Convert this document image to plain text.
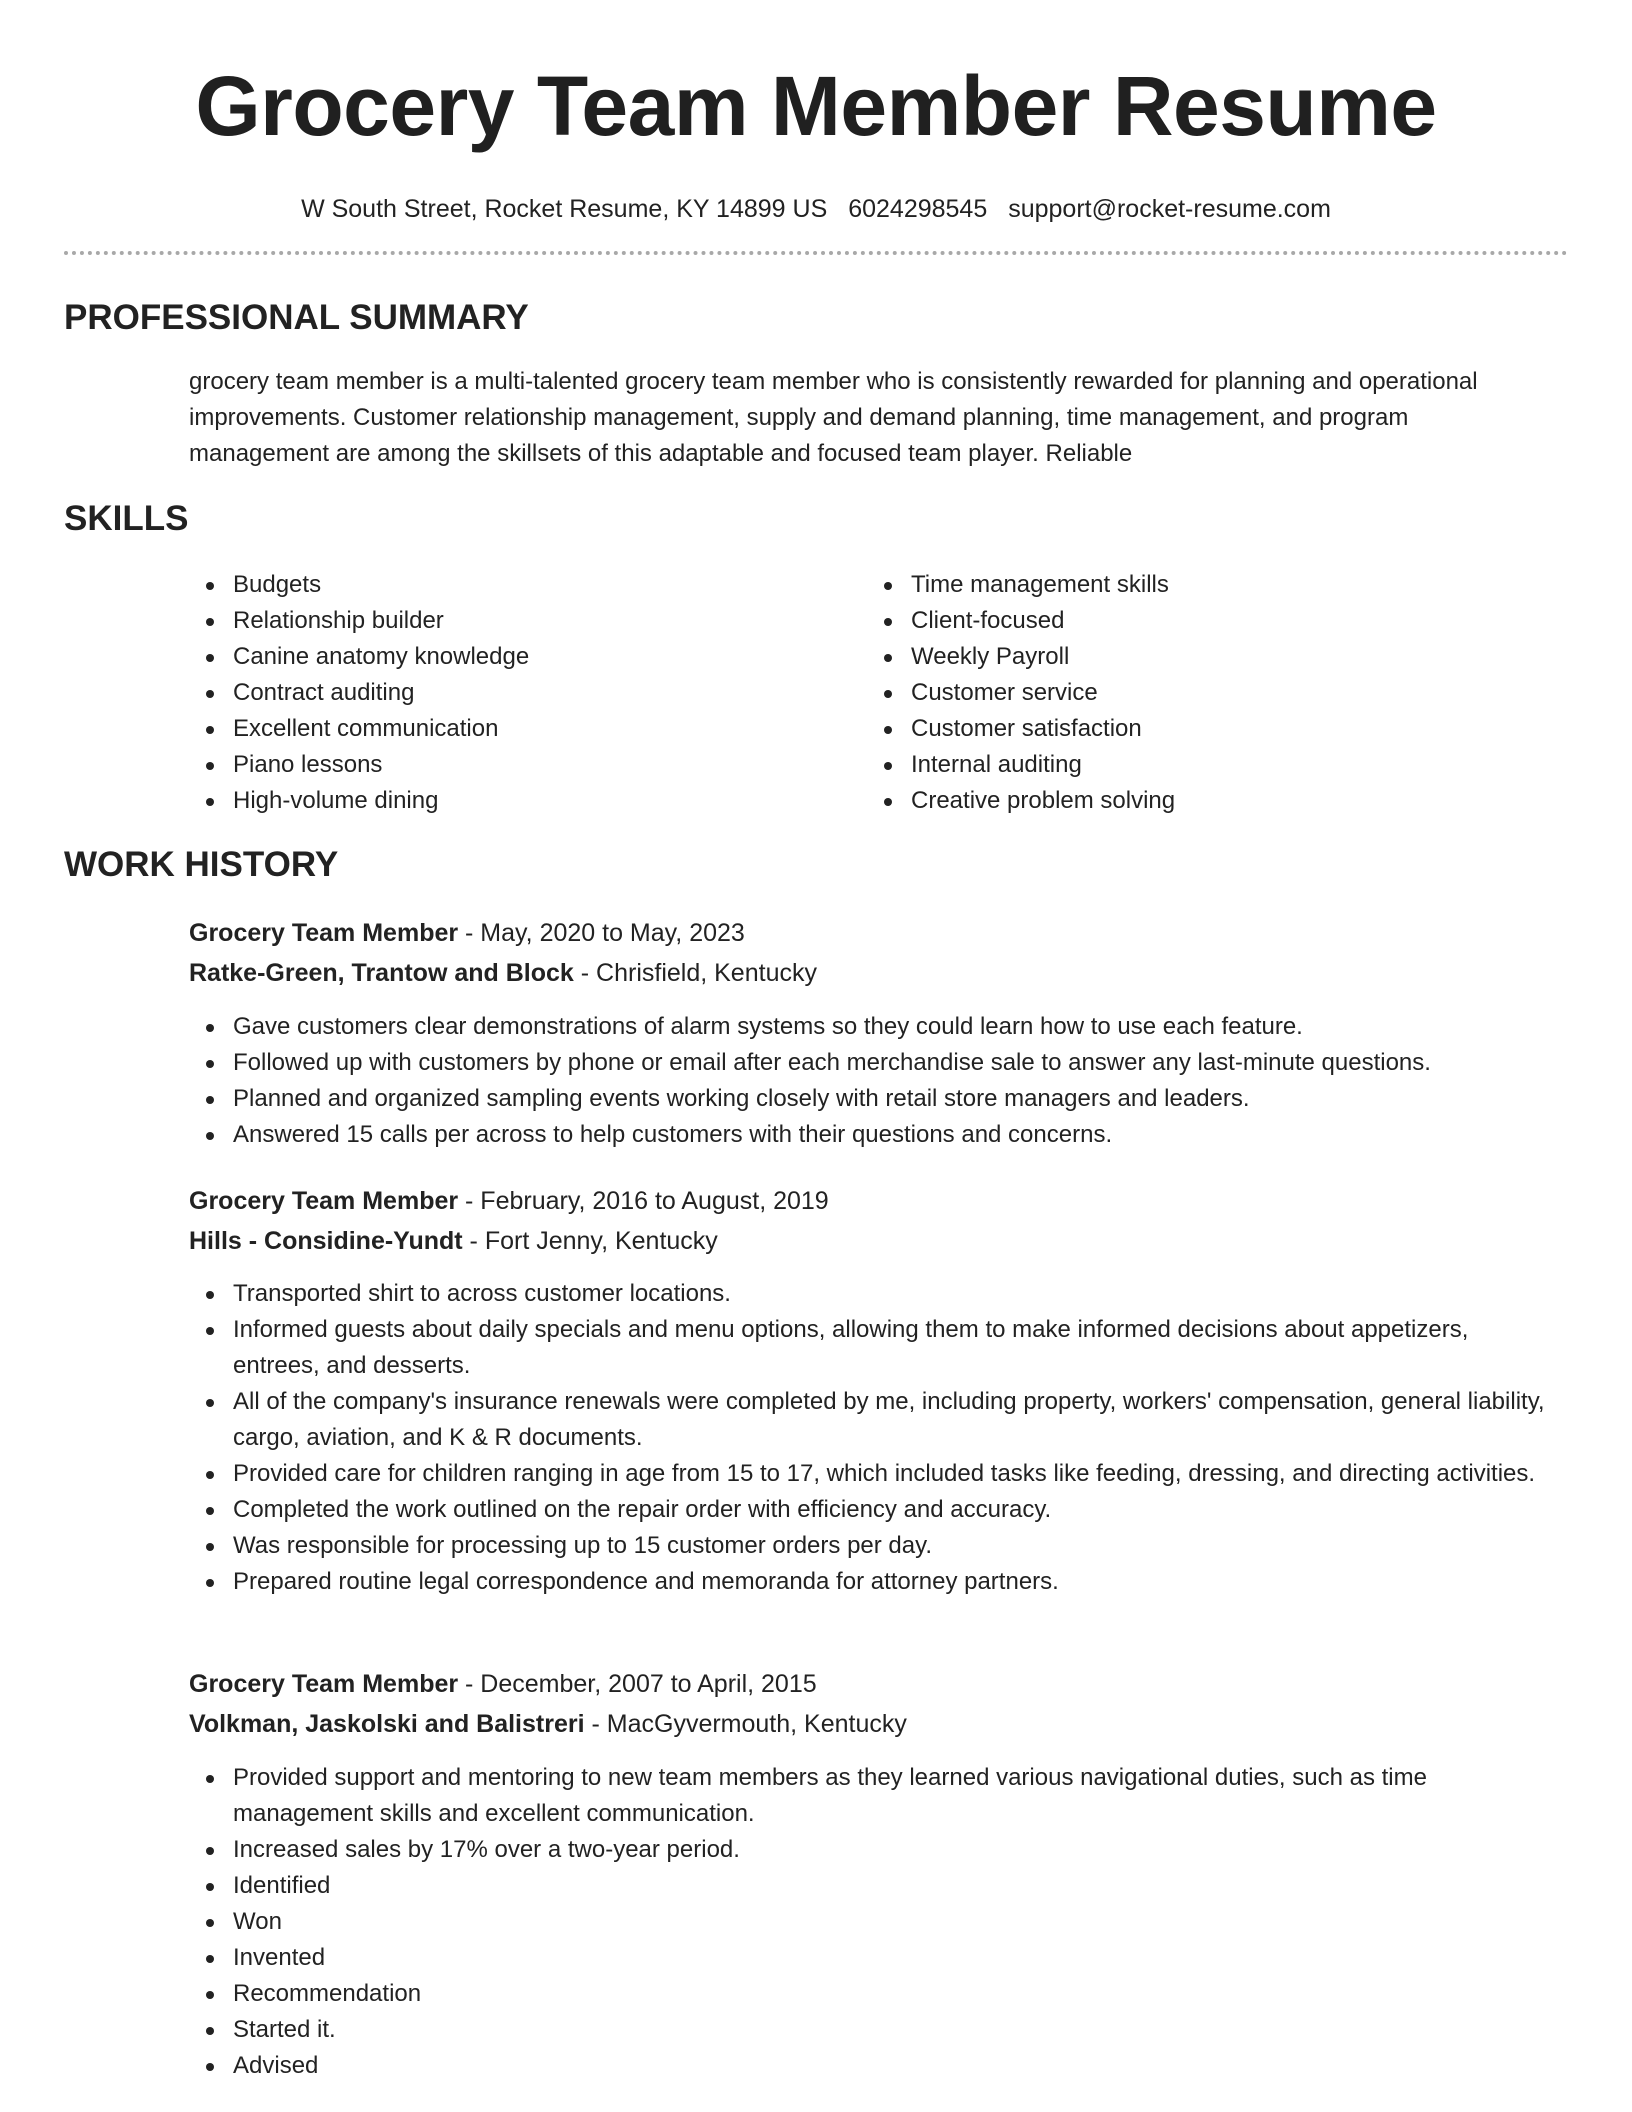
Grocery Team Member Resume
W South Street, Rocket Resume, KY 14899 US 6024298545 support@rocket-resume.com
PROFESSIONAL SUMMARY
grocery team member is a multi-talented grocery team member who is consistently rewarded for planning and operational improvements. Customer relationship management, supply and demand planning, time management, and program management are among the skillsets of this adaptable and focused team player. Reliable
SKILLS
Budgets
Relationship builder
Canine anatomy knowledge
Contract auditing
Excellent communication
Piano lessons
High-volume dining
Time management skills
Client-focused
Weekly Payroll
Customer service
Customer satisfaction
Internal auditing
Creative problem solving
WORK HISTORY
Grocery Team Member - May, 2020 to May, 2023
Ratke-Green, Trantow and Block - Chrisfield, Kentucky
Gave customers clear demonstrations of alarm systems so they could learn how to use each feature.
Followed up with customers by phone or email after each merchandise sale to answer any last-minute questions.
Planned and organized sampling events working closely with retail store managers and leaders.
Answered 15 calls per across to help customers with their questions and concerns.
Grocery Team Member - February, 2016 to August, 2019
Hills - Considine-Yundt - Fort Jenny, Kentucky
Transported shirt to across customer locations.
Informed guests about daily specials and menu options, allowing them to make informed decisions about appetizers, entrees, and desserts.
All of the company's insurance renewals were completed by me, including property, workers' compensation, general liability, cargo, aviation, and K & R documents.
Provided care for children ranging in age from 15 to 17, which included tasks like feeding, dressing, and directing activities.
Completed the work outlined on the repair order with efficiency and accuracy.
Was responsible for processing up to 15 customer orders per day.
Prepared routine legal correspondence and memoranda for attorney partners.
Grocery Team Member - December, 2007 to April, 2015
Volkman, Jaskolski and Balistreri - MacGyvermouth, Kentucky
Provided support and mentoring to new team members as they learned various navigational duties, such as time management skills and excellent communication.
Increased sales by 17% over a two-year period.
Identified
Won
Invented
Recommendation
Started it.
Advised
